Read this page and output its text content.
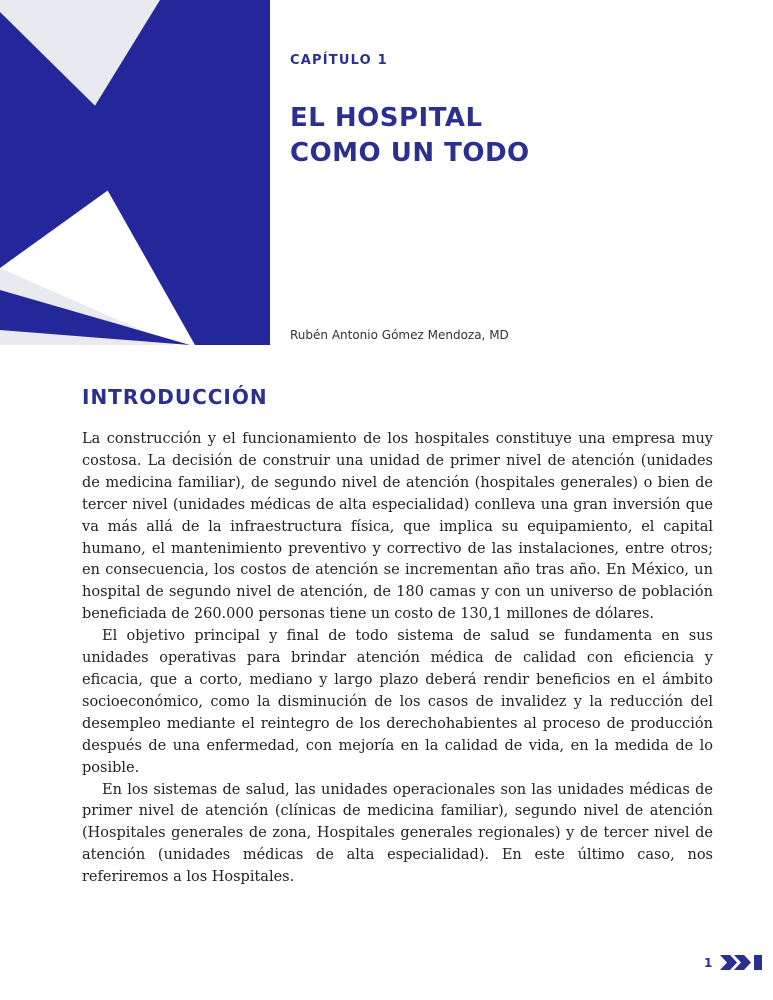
CAPÍTULO 1
EL HOSPITAL
COMO UN TODO
Rubén Antonio Gómez Mendoza, MD
INTRODUCCIÓN

La construcción y el funcionamiento de los hospitales constituye una empresa muy costosa. La decisión de construir una unidad de primer nivel de atención (unidades de medicina familiar), de segundo nivel de atención (hospitales generales) o bien de tercer nivel (unidades médicas de alta especialidad) conlleva una gran inversión que va más allá de la infraestructura física, que implica su equipamiento, el capital humano, el mantenimiento preventivo y correctivo de las instalaciones, entre otros; en consecuencia, los costos de atención se incrementan año tras año. En México, un hospital de segundo nivel de atención, de 180 camas y con un universo de población beneficiada de 260.000 personas tiene un costo de 130,1 millones de dólares.

El objetivo principal y final de todo sistema de salud se fundamenta en sus unidades operativas para brindar atención médica de calidad con eficiencia y eficacia, que a corto, mediano y largo plazo deberá rendir beneficios en el ámbito socioeconómico, como la disminución de los casos de invalidez y la reducción del desempleo mediante el reintegro de los derechohabientes al proceso de producción después de una enfermedad, con mejoría en la calidad de vida, en la medida de lo posible.

En los sistemas de salud, las unidades operacionales son las unidades médicas de primer nivel de atención (clínicas de medicina familiar), segundo nivel de atención (Hospitales generales de zona, Hospitales generales regionales) y de tercer nivel de atención (unidades médicas de alta especialidad). En este último caso, nos referiremos a los Hospitales.

1
